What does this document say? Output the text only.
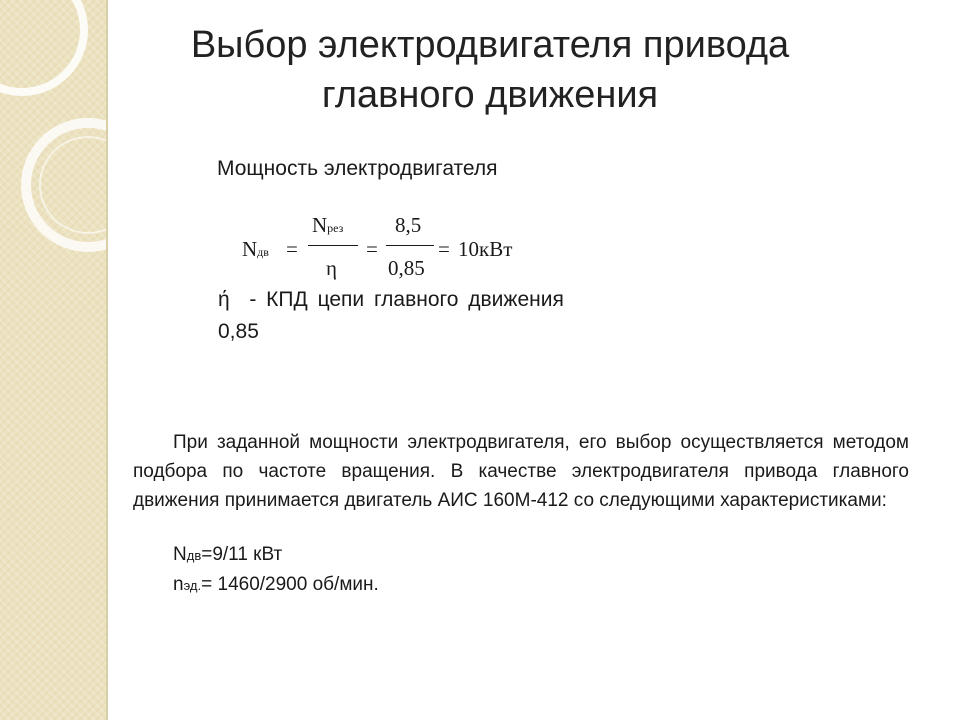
Выбор электродвигателя привода
главного движения
Мощность электродвигателя
Nдв =
Nрез
η
=
8,5
0,85
= 10кВт
ή - КПД цепи главного движения
0,85
При заданной мощности электродвигателя, его выбор осуществляется методом подбора по частоте вращения. В качестве электродвигателя привода главного движения принимается двигатель АИС 160М-412 со следующими характеристиками:
Nдв=9/11 кВт
nэд.= 1460/2900 об/мин.
